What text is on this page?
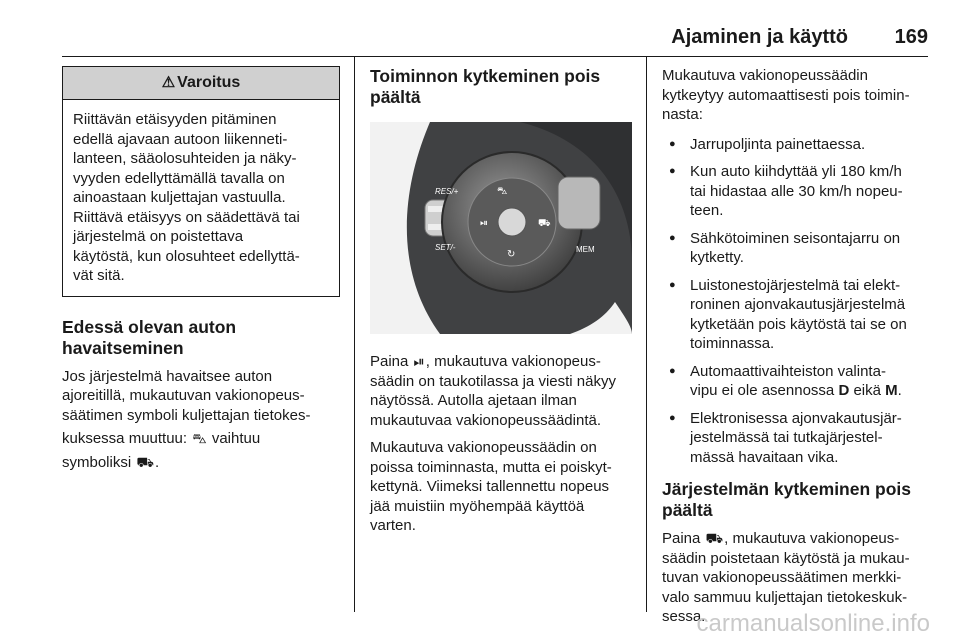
Ajaminen ja käyttö 169
⚠ Varoitus
Riittävän etäisyyden pitäminen
edellä ajavaan autoon liikenneti-
lanteen, sääolosuhteiden ja näky-
vyyden edellyttämällä tavalla on
ainoastaan kuljettajan vastuulla.
Riittävä etäisyys on säädettävä tai
järjestelmä on poistettava
käytöstä, kun olosuhteet edellyttä-
vät sitä.
Edessä olevan auton
havaitseminen

Jos järjestelmä havaitsee auton
ajoreitillä, mukautuvan vakionopeus-
säätimen symboli kuljettajan tietokes-
kuksessa muuttuu: ⛍ vaihtuu
symboliksi ⛟.

Toiminnon kytkeminen pois
päältä
⛍
⏯	⛟
↻
RES/+
SET/-	MEM

Paina ⏯, mukautuva vakionopeus-
säädin on taukotilassa ja viesti näkyy
näytössä. Autolla ajetaan ilman
mukautuvaa vakionopeussäädintä.

Mukautuva vakionopeussäädin on
poissa toiminnasta, mutta ei poiskyt-
kettynä. Viimeksi tallennettu nopeus
jää muistiin myöhempää käyttöä
varten.

Mukautuva vakionopeussäädin
kytkeytyy automaattisesti pois toimin-
nasta:

● Jarrupoljinta painettaessa.
● Kun auto kiihdyttää yli 180 km/h
tai hidastaa alle 30 km/h nopeu-
teen.
● Sähkötoiminen seisontajarru on
kytketty.
● Luistonestojärjestelmä tai elekt-
roninen ajonvakautusjärjestelmä
kytketään pois käytöstä tai se on
toiminnassa.
● Automaattivaihteiston valinta-
vipu ei ole asennossa D eikä M.
● Elektronisessa ajonvakautusjär-
jestelmässä tai tutkajärjestel-
mässä havaitaan vika.
Järjestelmän kytkeminen pois
päältä

Paina ⛟, mukautuva vakionopeus-
säädin poistetaan käytöstä ja mukau-
tuvan vakionopeussäätimen merkki-
valo sammuu kuljettajan tietokeskuk-
sessa.

carmanualsonline.info
